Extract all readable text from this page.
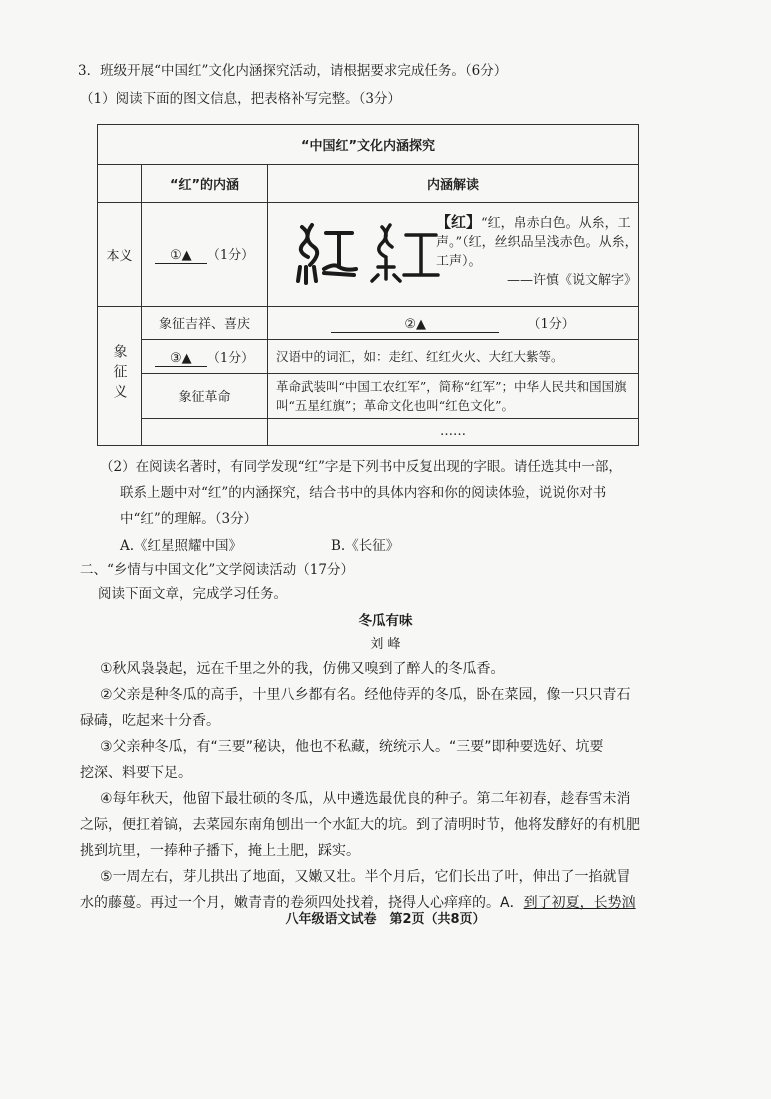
3．班级开展“中国红”文化内涵探究活动，请根据要求完成任务。（6分）
（1）阅读下面的图文信息，把表格补写完整。（3分）
“中国红”文化内涵探究		
	“红”的内涵	内涵解读
本义	①▲ （1分）	【红】“红，帛赤白色。从糸，工声。”（红，丝织品呈浅赤色。从糸，工声）。
——许慎《说文解字》

象征义	象征吉祥、喜庆	②▲ （1分）
	③▲ （1分）	汉语中的词汇，如：走红、红红火火、大红大紫等。
	象征革命	革命武装叫“中国工农红军”，简称“红军”；中华人民共和国国旗叫“五星红旗”；革命文化也叫“红色文化”。
		……
（2）在阅读名著时，有同学发现“红”字是下列书中反复出现的字眼。请任选其中一部，
联系上题中对“红”的内涵探究，结合书中的具体内容和你的阅读体验，说说你对书
中“红”的理解。（3分）
A.《红星照耀中国》	B.《长征》
二、“乡情与中国文化”文学阅读活动（17分）
阅读下面文章，完成学习任务。
冬瓜有味
刘 峰
①秋风袅袅起，远在千里之外的我，仿佛又嗅到了醉人的冬瓜香。
②父亲是种冬瓜的高手，十里八乡都有名。经他侍弄的冬瓜，卧在菜园，像一只只青石
碌碡，吃起来十分香。
③父亲种冬瓜，有“三要”秘诀，他也不私藏，统统示人。“三要”即种要选好、坑要
挖深、料要下足。
④每年秋天，他留下最壮硕的冬瓜，从中遴选最优良的种子。第二年初春，趁春雪未消
之际，便扛着镐，去菜园东南角刨出一个水缸大的坑。到了清明时节，他将发酵好的有机肥
挑到坑里，一捧种子播下，掩上土肥，踩实。
⑤一周左右，芽儿拱出了地面，又嫩又壮。半个月后，它们长出了叶，伸出了一掐就冒
水的藤蔓。再过一个月，嫩青青的卷须四处找着，挠得人心痒痒的。A．到了初夏，长势汹
八年级语文试卷　第2页（共8页）
